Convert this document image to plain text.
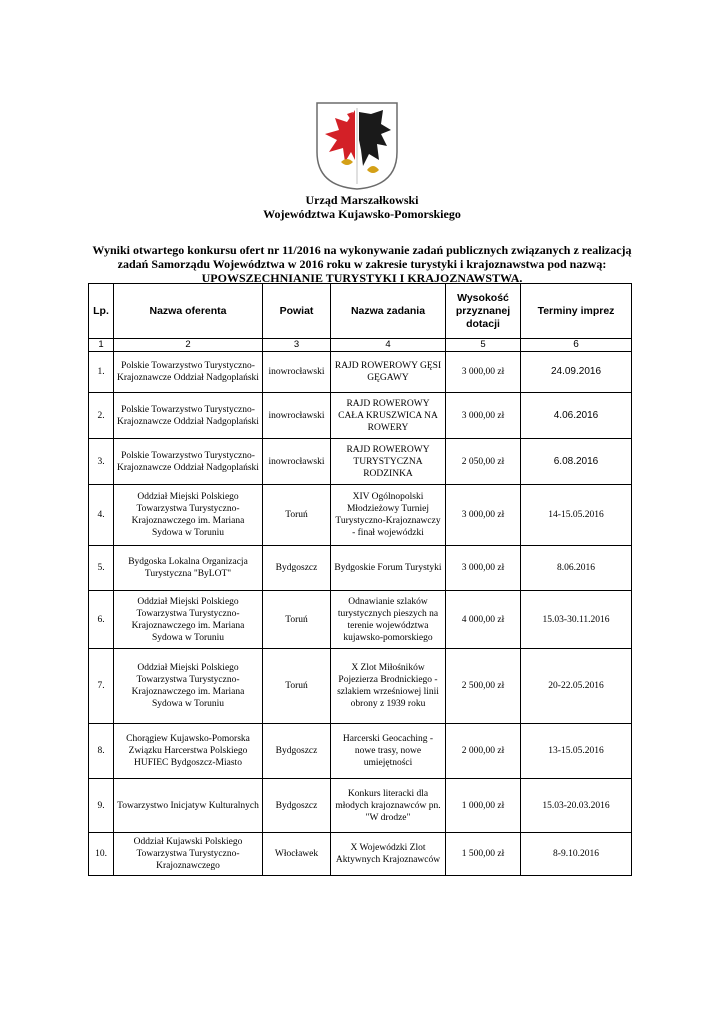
Urząd Marszałkowski
Województwa Kujawsko-Pomorskiego
Wyniki otwartego konkursu ofert nr 11/2016 na wykonywanie zadań publicznych związanych z realizacją
zadań Samorządu Województwa w 2016 roku w zakresie turystyki i krajoznawstwa pod nazwą:
UPOWSZECHNIANIE TURYSTYKI I KRAJOZNAWSTWA.
Lp.	Nazwa oferenta	Powiat	Nazwa zadania	Wysokość przyznanej dotacji	Terminy imprez
1	2	3	4	5	6
1.	Polskie Towarzystwo Turystyczno-Krajoznawcze Oddział Nadgoplański	inowrocławski	RAJD ROWEROWY GĘSI GĘGAWY	3 000,00 zł	24.09.2016
2.	Polskie Towarzystwo Turystyczno-Krajoznawcze Oddział Nadgoplański	inowrocławski	RAJD ROWEROWY CAŁA KRUSZWICA NA ROWERY	3 000,00 zł	4.06.2016
3.	Polskie Towarzystwo Turystyczno-Krajoznawcze Oddział Nadgoplański	inowrocławski	RAJD ROWEROWY TURYSTYCZNA RODZINKA	2 050,00 zł	6.08.2016
4.	Oddział Miejski Polskiego Towarzystwa Turystyczno-Krajoznawczego im. Mariana Sydowa w Toruniu	Toruń	XIV Ogólnopolski Młodzieżowy Turniej Turystyczno-Krajoznawczy - finał wojewódzki	3 000,00 zł	14-15.05.2016
5.	Bydgoska Lokalna Organizacja Turystyczna "ByLOT"	Bydgoszcz	Bydgoskie Forum Turystyki	3 000,00 zł	8.06.2016
6.	Oddział Miejski Polskiego Towarzystwa Turystyczno-Krajoznawczego im. Mariana Sydowa w Toruniu	Toruń	Odnawianie szlaków turystycznych pieszych na terenie województwa kujawsko-pomorskiego	4 000,00 zł	15.03-30.11.2016
7.	Oddział Miejski Polskiego Towarzystwa Turystyczno-Krajoznawczego im. Mariana Sydowa w Toruniu	Toruń	X Zlot Miłośników Pojezierza Brodnickiego - szlakiem wrześniowej linii obrony z 1939 roku	2 500,00 zł	20-22.05.2016
8.	Chorągiew Kujawsko-Pomorska Związku Harcerstwa Polskiego HUFIEC Bydgoszcz-Miasto	Bydgoszcz	Harcerski Geocaching - nowe trasy, nowe umiejętności	2 000,00 zł	13-15.05.2016
9.	Towarzystwo Inicjatyw Kulturalnych	Bydgoszcz	Konkurs literacki dla młodych krajoznawców pn. "W drodze"	1 000,00 zł	15.03-20.03.2016
10.	Oddział Kujawski Polskiego Towarzystwa Turystyczno-Krajoznawczego	Włocławek	X Wojewódzki Zlot Aktywnych Krajoznawców	1 500,00 zł	8-9.10.2016
